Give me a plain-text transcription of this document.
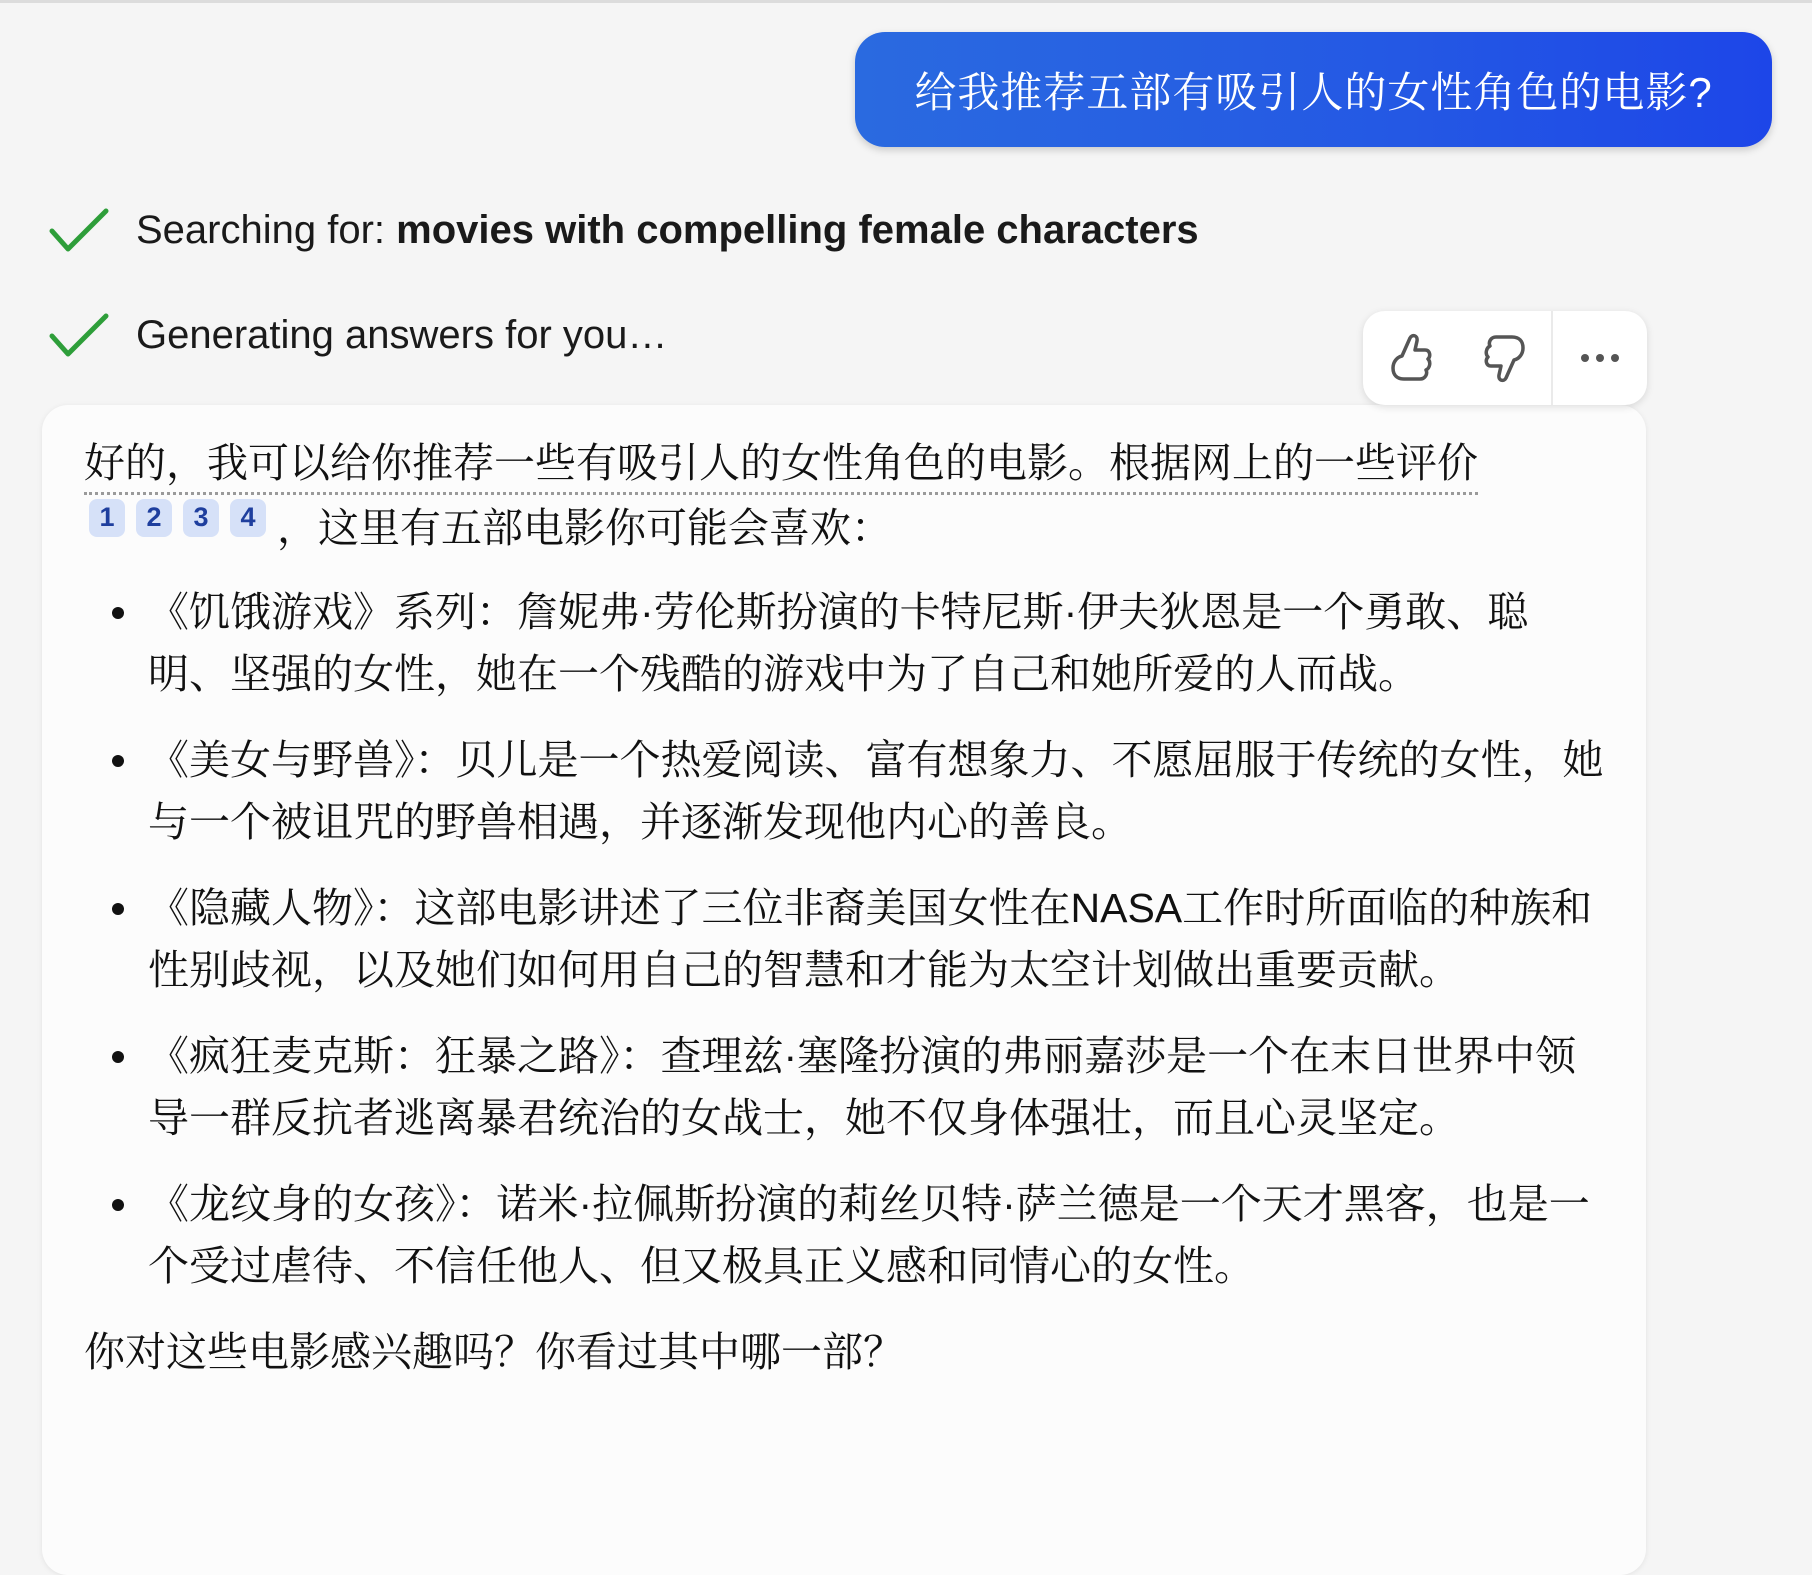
给我推荐五部有吸引人的女性角色的电影?
Searching for: movies with compelling female characters
Generating answers for you…
好的，我可以给你推荐一些有吸引人的女性角色的电影。根据网上的一些评价
1	2	3	4 ，这里有五部电影你可能会喜欢：
《饥饿游戏》系列：詹妮弗·劳伦斯扮演的卡特尼斯·伊夫狄恩是一个勇敢、聪明、坚强的女性，她在一个残酷的游戏中为了自己和她所爱的人而战。
《美女与野兽》：贝儿是一个热爱阅读、富有想象力、不愿屈服于传统的女性，她与一个被诅咒的野兽相遇，并逐渐发现他内心的善良。
《隐藏人物》：这部电影讲述了三位非裔美国女性在NASA工作时所面临的种族和性别歧视，以及她们如何用自己的智慧和才能为太空计划做出重要贡献。
《疯狂麦克斯：狂暴之路》：查理兹·塞隆扮演的弗丽嘉莎是一个在末日世界中领导一群反抗者逃离暴君统治的女战士，她不仅身体强壮，而且心灵坚定。
《龙纹身的女孩》：诺米·拉佩斯扮演的莉丝贝特·萨兰德是一个天才黑客，也是一个受过虐待、不信任他人、但又极具正义感和同情心的女性。
你对这些电影感兴趣吗？你看过其中哪一部？
